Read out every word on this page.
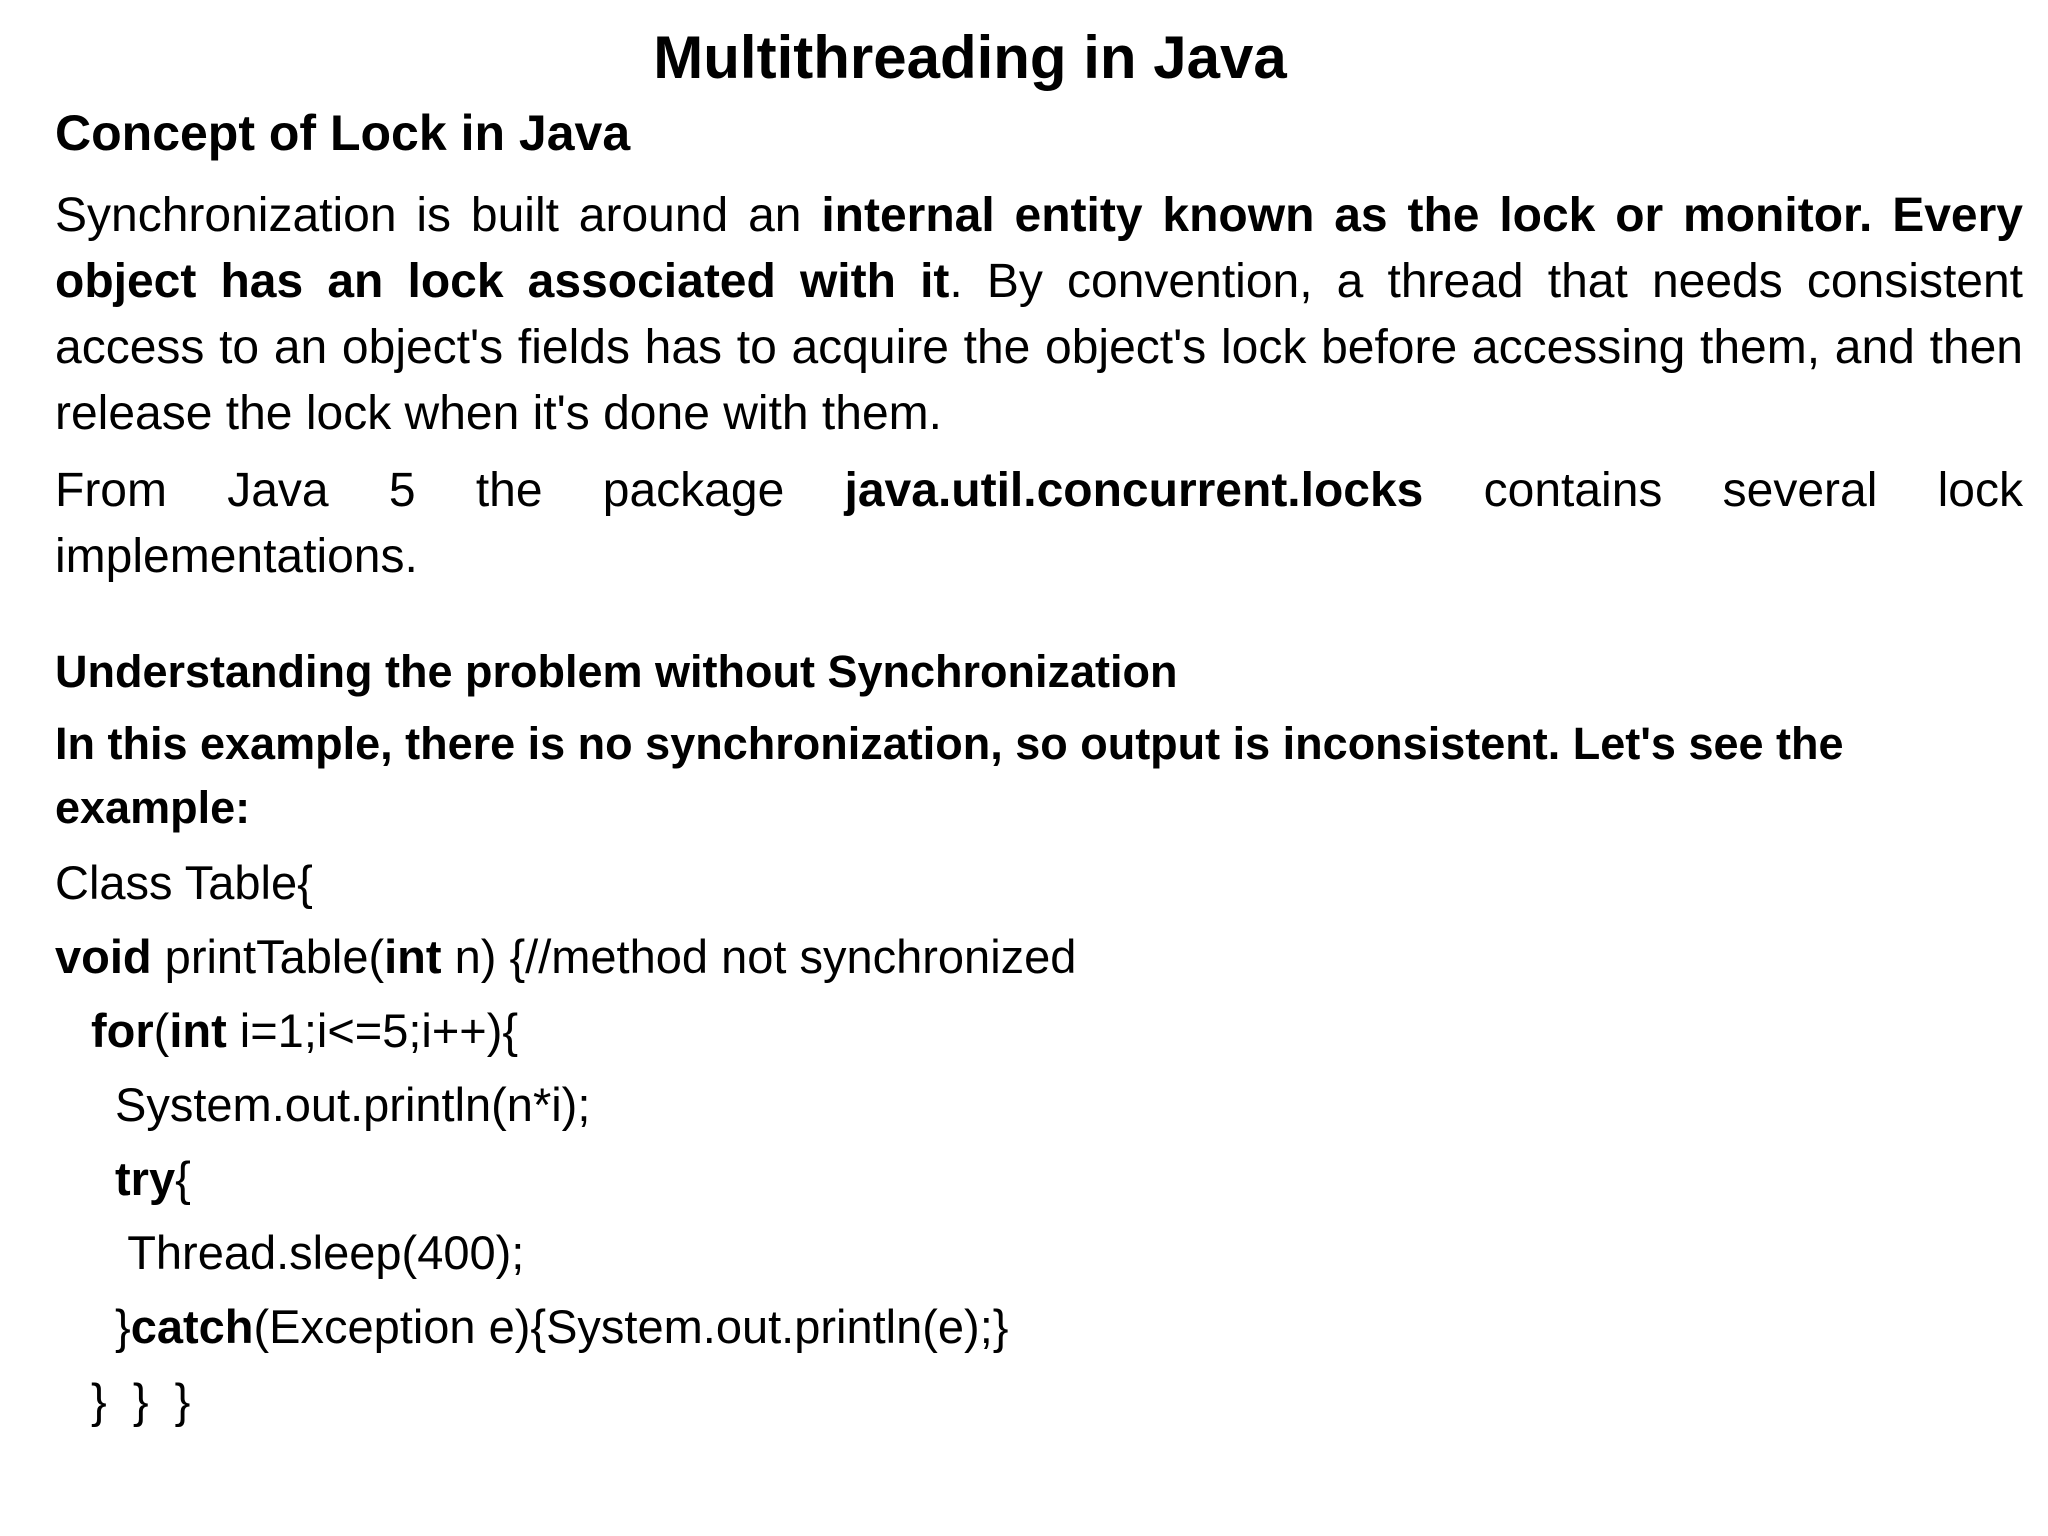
Multithreading in Java
Concept of Lock in Java
Synchronization is built around an internal entity known as the lock or monitor. Every object has an lock associated with it. By convention, a thread that needs consistent access to an object's fields has to acquire the object's lock before accessing them, and then release the lock when it's done with them.
From Java 5 the package java.util.concurrent.locks contains several lock implementations.
Understanding the problem without Synchronization
In this example, there is no synchronization, so output is inconsistent. Let's see the example:
Class Table{
void printTable(int n) {//method not synchronized
for(int i=1;i<=5;i++){
System.out.println(n*i);
try{
Thread.sleep(400);
}catch(Exception e){System.out.println(e);}
}  }  }
